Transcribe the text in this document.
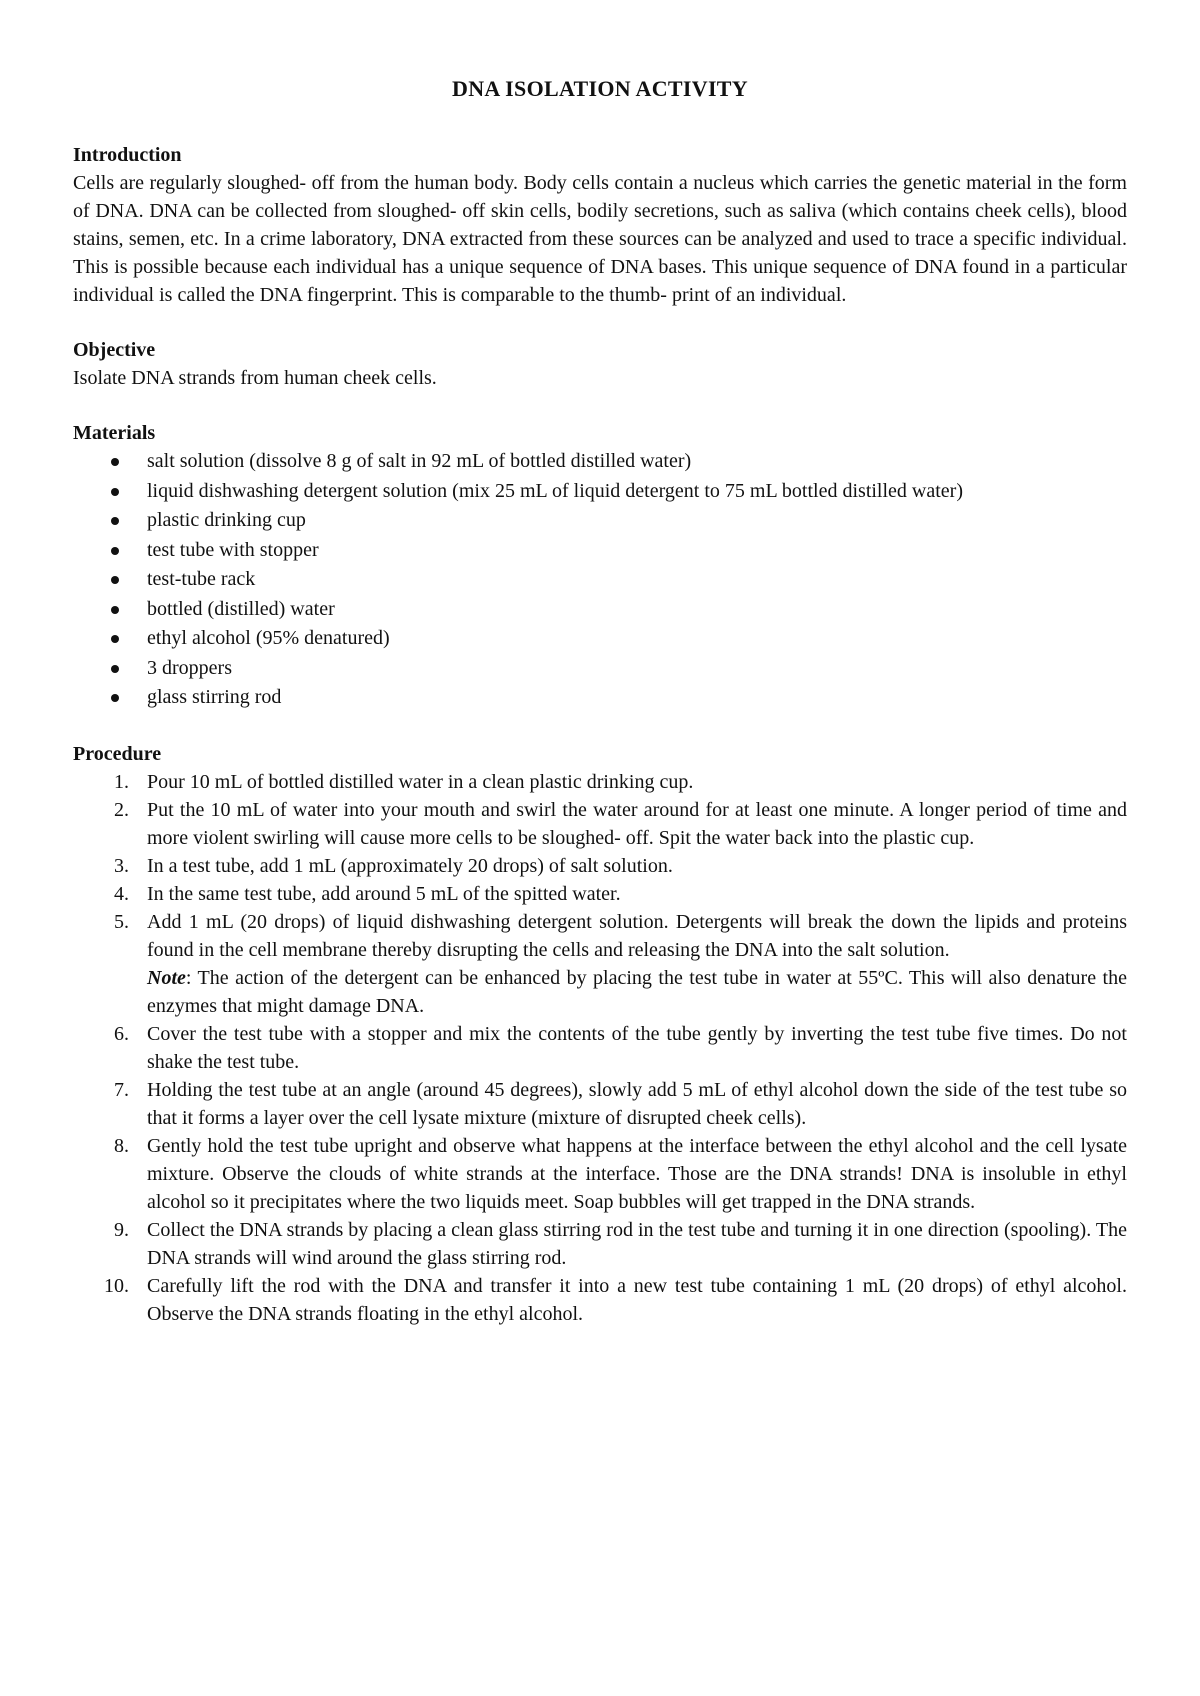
DNA ISOLATION ACTIVITY
Introduction
Cells are regularly sloughed- off from the human body. Body cells contain a nucleus which carries the genetic material in the form of DNA. DNA can be collected from sloughed- off skin cells, bodily secretions, such as saliva (which contains cheek cells), blood stains, semen, etc. In a crime laboratory, DNA extracted from these sources can be analyzed and used to trace a specific individual. This is possible because each individual has a unique sequence of DNA bases. This unique sequence of DNA found in a particular individual is called the DNA fingerprint. This is comparable to the thumb- print of an individual.
Objective
Isolate DNA strands from human cheek cells.
Materials
salt solution (dissolve 8 g of salt in 92 mL of bottled distilled water)
liquid dishwashing detergent solution (mix 25 mL of liquid detergent to 75 mL bottled distilled water)
plastic drinking cup
test tube with stopper
test-tube rack
bottled (distilled) water
ethyl alcohol (95% denatured)
3 droppers
glass stirring rod
Procedure
1. Pour 10 mL of bottled distilled water in a clean plastic drinking cup.
2. Put the 10 mL of water into your mouth and swirl the water around for at least one minute. A longer period of time and more violent swirling will cause more cells to be sloughed- off. Spit the water back into the plastic cup.
3. In a test tube, add 1 mL (approximately 20 drops) of salt solution.
4. In the same test tube, add around 5 mL of the spitted water.
5. Add 1 mL (20 drops) of liquid dishwashing detergent solution. Detergents will break the down the lipids and proteins found in the cell membrane thereby disrupting the cells and releasing the DNA into the salt solution.
Note: The action of the detergent can be enhanced by placing the test tube in water at 55ºC. This will also denature the enzymes that might damage DNA.
6. Cover the test tube with a stopper and mix the contents of the tube gently by inverting the test tube five times. Do not shake the test tube.
7. Holding the test tube at an angle (around 45 degrees), slowly add 5 mL of ethyl alcohol down the side of the test tube so that it forms a layer over the cell lysate mixture (mixture of disrupted cheek cells).
8. Gently hold the test tube upright and observe what happens at the interface between the ethyl alcohol and the cell lysate mixture. Observe the clouds of white strands at the interface. Those are the DNA strands! DNA is insoluble in ethyl alcohol so it precipitates where the two liquids meet. Soap bubbles will get trapped in the DNA strands.
9. Collect the DNA strands by placing a clean glass stirring rod in the test tube and turning it in one direction (spooling). The DNA strands will wind around the glass stirring rod.
10. Carefully lift the rod with the DNA and transfer it into a new test tube containing 1 mL (20 drops) of ethyl alcohol. Observe the DNA strands floating in the ethyl alcohol.
